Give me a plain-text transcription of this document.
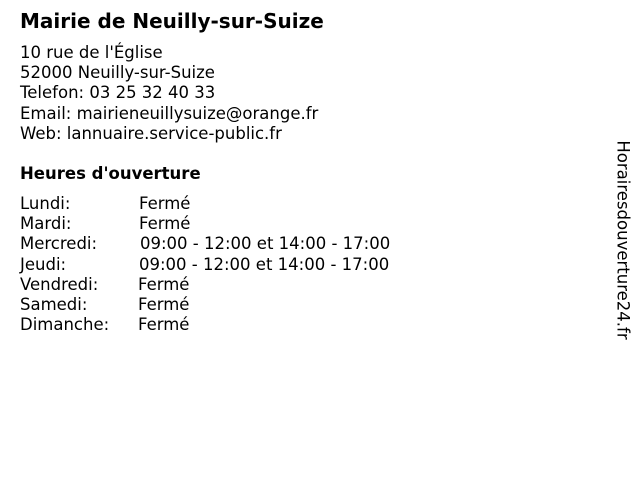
Mairie de Neuilly-sur-Suize
10 rue de l'Église
52000 Neuilly-sur-Suize
Telefon: 03 25 32 40 33
Email: mairieneuillysuize@orange.fr
Web: lannuaire.service-public.fr
Heures d'ouverture
Lundi:	Fermé
Mardi:	Fermé
Mercredi:	09:00 - 12:00 et 14:00 - 17:00
Jeudi:	09:00 - 12:00 et 14:00 - 17:00
Vendredi: Fermé
Samedi:	Fermé
Dimanche: Fermé	Horairesdouverture24.fr
